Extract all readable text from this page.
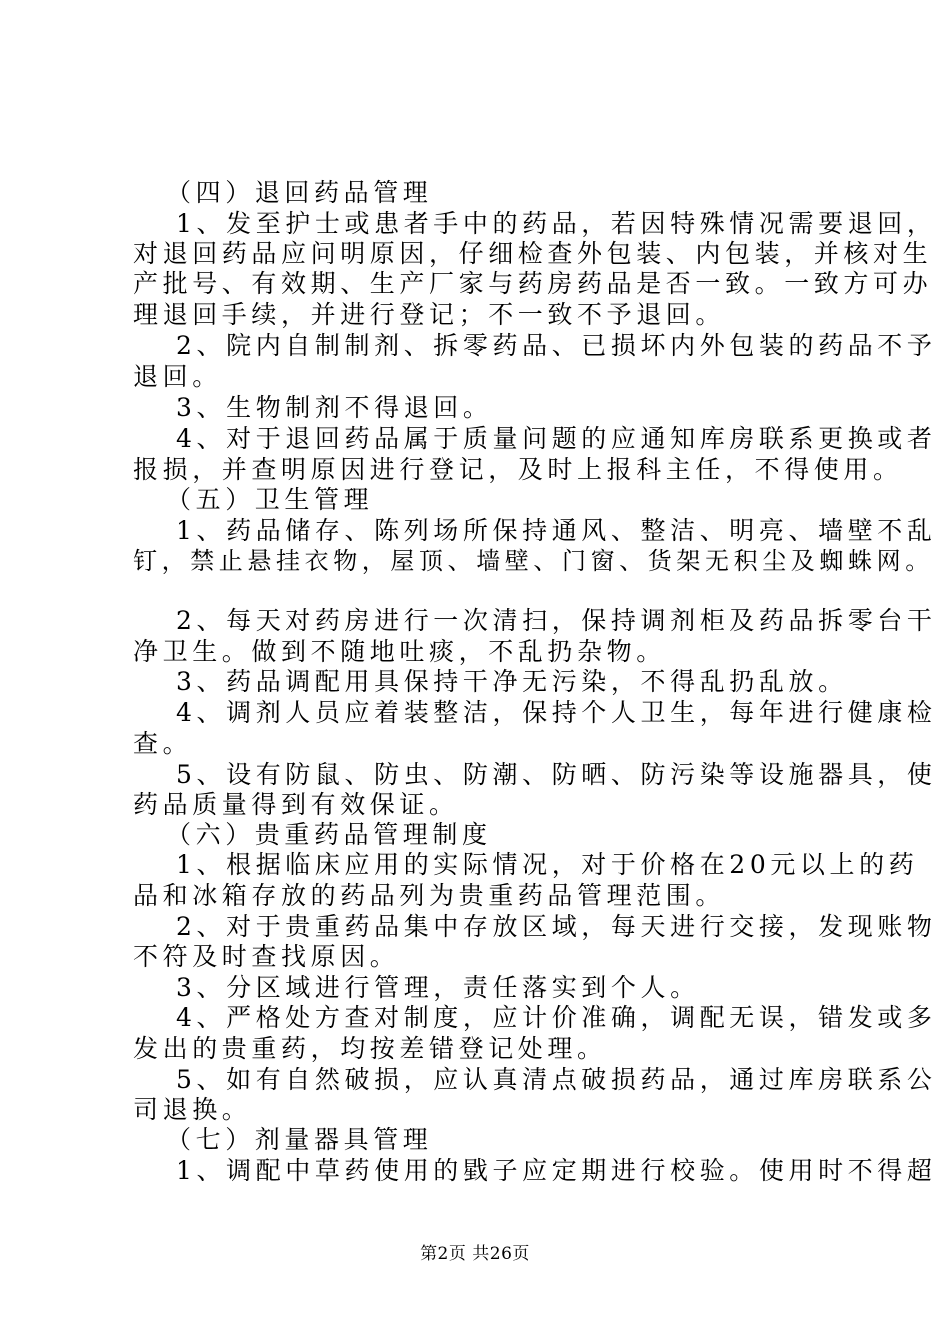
（四）退回药品管理
1、发至护士或患者手中的药品，若因特殊情况需要退回，
对退回药品应问明原因，仔细检查外包装、内包装，并核对生
产批号、有效期、生产厂家与药房药品是否一致。一致方可办
理退回手续，并进行登记；不一致不予退回。
2、院内自制制剂、拆零药品、已损坏内外包装的药品不予
退回。
3、生物制剂不得退回。
4、对于退回药品属于质量问题的应通知库房联系更换或者
报损，并查明原因进行登记，及时上报科主任，不得使用。
（五）卫生管理
1、药品储存、陈列场所保持通风、整洁、明亮、墙壁不乱
钉，禁止悬挂衣物，屋顶、墙壁、门窗、货架无积尘及蜘蛛网。
2、每天对药房进行一次清扫，保持调剂柜及药品拆零台干
净卫生。做到不随地吐痰，不乱扔杂物。
3、药品调配用具保持干净无污染，不得乱扔乱放。
4、调剂人员应着装整洁，保持个人卫生，每年进行健康检
查。
5、设有防鼠、防虫、防潮、防晒、防污染等设施器具，使
药品质量得到有效保证。
（六）贵重药品管理制度
1、根据临床应用的实际情况，对于价格在20元以上的药
品和冰箱存放的药品列为贵重药品管理范围。
2、对于贵重药品集中存放区域，每天进行交接，发现账物
不符及时查找原因。
3、分区域进行管理，责任落实到个人。
4、严格处方查对制度，应计价准确，调配无误，错发或多
发出的贵重药，均按差错登记处理。
5、如有自然破损，应认真清点破损药品，通过库房联系公
司退换。
（七）剂量器具管理
1、调配中草药使用的戥子应定期进行校验。使用时不得超
第2页 共26页
